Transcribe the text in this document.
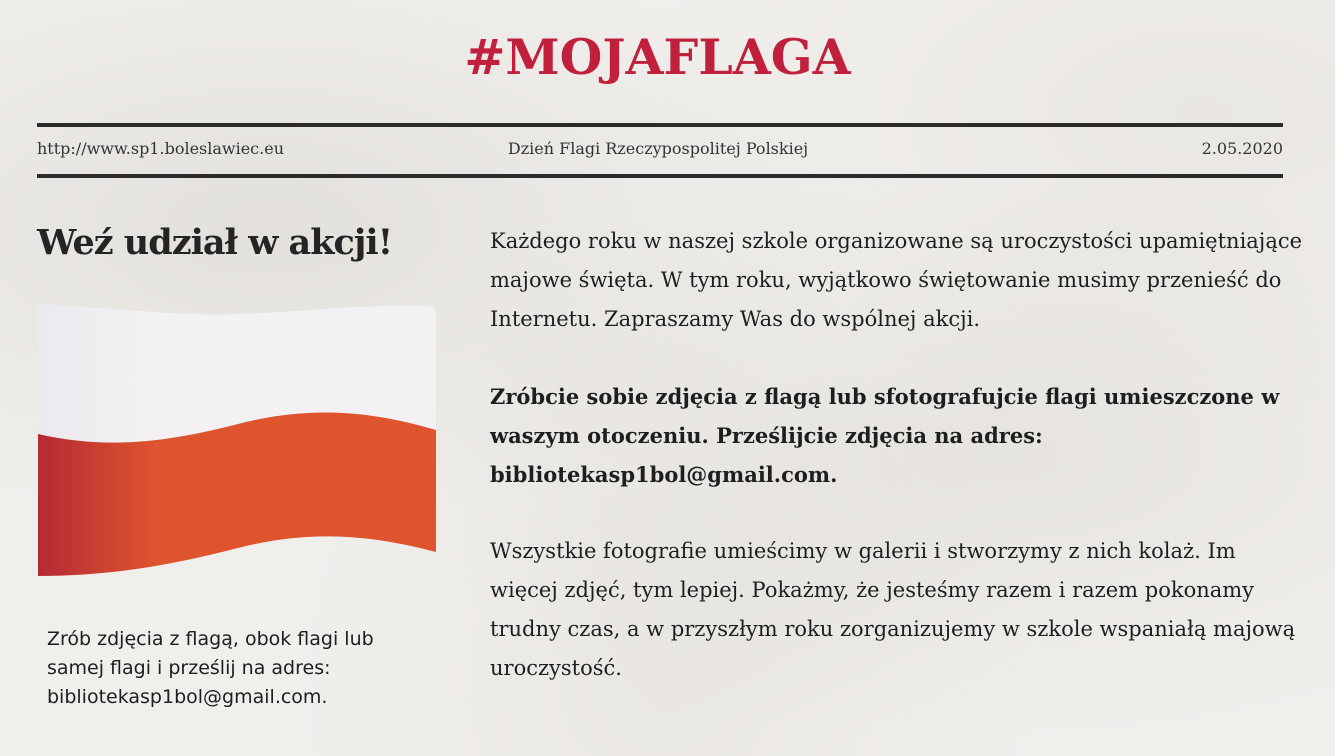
#MOJAFLAGA
http://www.sp1.boleslawiec.eu	Dzień Flagi Rzeczypospolitej Polskiej	2.05.2020
Weź udział w akcji!

Zrób zdjęcia z flagą, obok flagi lub samej flagi i prześlij na adres: bibliotekasp1bol@gmail.com.

Każdego roku w naszej szkole organizowane są uroczystości upamiętniające majowe święta. W tym roku, wyjątkowo świętowanie musimy przenieść do Internetu. Zapraszamy Was do wspólnej akcji.

Zróbcie sobie zdjęcia z flagą lub sfotografujcie flagi umieszczone w waszym otoczeniu. Prześlijcie zdjęcia na adres: bibliotekasp1bol@gmail.com.

Wszystkie fotografie umieścimy w galerii i stworzymy z nich kolaż. Im więcej zdjęć, tym lepiej. Pokażmy, że jesteśmy razem i razem pokonamy trudny czas, a w przyszłym roku zorganizujemy w szkole wspaniałą majową uroczystość.
